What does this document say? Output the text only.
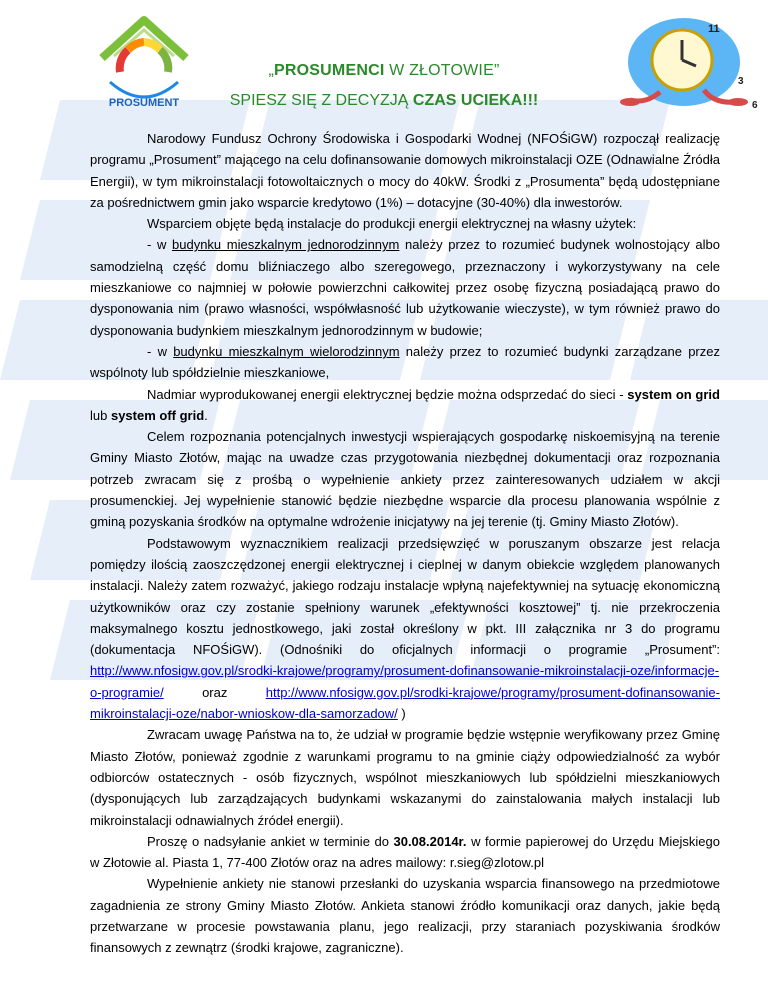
PROSUMENT
„PROSUMENCI W ZŁOTOWIE”
SPIESZ SIĘ Z DECYZJĄ CZAS UCIEKA!!!
11
3
6

Narodowy Fundusz Ochrony Środowiska i Gospodarki Wodnej (NFOŚiGW) rozpoczął realizację programu „Prosument” mającego na celu dofinansowanie domowych mikroinstalacji OZE (Odnawialne Źródła Energii), w tym mikroinstalacji fotowoltaicznych o mocy do 40kW. Środki z „Prosumenta” będą udostępniane za pośrednictwem gmin jako wsparcie kredytowo (1%) – dotacyjne (30-40%) dla inwestorów.

Wsparciem objęte będą instalacje do produkcji energii elektrycznej na własny użytek:

- w budynku mieszkalnym jednorodzinnym należy przez to rozumieć budynek wolnostojący albo samodzielną część domu bliźniaczego albo szeregowego, przeznaczony i wykorzystywany na cele mieszkaniowe co najmniej w połowie powierzchni całkowitej przez osobę fizyczną posiadającą prawo do dysponowania nim (prawo własności, współwłasność lub użytkowanie wieczyste), w tym również prawo do dysponowania budynkiem mieszkalnym jednorodzinnym w budowie;

- w budynku mieszkalnym wielorodzinnym należy przez to rozumieć budynki zarządzane przez wspólnoty lub spółdzielnie mieszkaniowe,

Nadmiar wyprodukowanej energii elektrycznej będzie można odsprzedać do sieci - system on grid lub system off grid.

Celem rozpoznania potencjalnych inwestycji wspierających gospodarkę niskoemisyjną na terenie Gminy Miasto Złotów, mając na uwadze czas przygotowania niezbędnej dokumentacji oraz rozpoznania potrzeb zwracam się z prośbą o wypełnienie ankiety przez zainteresowanych udziałem w akcji prosumenckiej. Jej wypełnienie stanowić będzie niezbędne wsparcie dla procesu planowania wspólnie z gminą pozyskania środków na optymalne wdrożenie inicjatywy na jej terenie (tj. Gminy Miasto Złotów).

Podstawowym wyznacznikiem realizacji przedsięwzięć w poruszanym obszarze jest relacja pomiędzy ilością zaoszczędzonej energii elektrycznej i cieplnej w danym obiekcie względem planowanych instalacji. Należy zatem rozważyć, jakiego rodzaju instalacje wpłyną najefektywniej na sytuację ekonomiczną użytkowników oraz czy zostanie spełniony warunek „efektywności kosztowej” tj. nie przekroczenia maksymalnego kosztu jednostkowego, jaki został określony w pkt. III załącznika nr 3 do programu (dokumentacja NFOŚiGW). (Odnośniki do oficjalnych informacji o programie „Prosument”: http://www.nfosigw.gov.pl/srodki-krajowe/programy/prosument-dofinansowanie-mikroinstalacji-oze/informacje-o-programie/ oraz http://www.nfosigw.gov.pl/srodki-krajowe/programy/prosument-dofinansowanie-mikroinstalacji-oze/nabor-wnioskow-dla-samorzadow/ )

Zwracam uwagę Państwa na to, że udział w programie będzie wstępnie weryfikowany przez Gminę Miasto Złotów, ponieważ zgodnie z warunkami programu to na gminie ciąży odpowiedzialność za wybór odbiorców ostatecznych - osób fizycznych, wspólnot mieszkaniowych lub spółdzielni mieszkaniowych (dysponujących lub zarządzających budynkami wskazanymi do zainstalowania małych instalacji lub mikroinstalacji odnawialnych źródeł energii).

Proszę o nadsyłanie ankiet w terminie do 30.08.2014r. w formie papierowej do Urzędu Miejskiego w Złotowie al. Piasta 1, 77-400 Złotów oraz na adres mailowy: r.sieg@zlotow.pl

Wypełnienie ankiety nie stanowi przesłanki do uzyskania wsparcia finansowego na przedmiotowe zagadnienia ze strony Gminy Miasto Złotów. Ankieta stanowi źródło komunikacji oraz danych, jakie będą przetwarzane w procesie powstawania planu, jego realizacji, przy staraniach pozyskiwania środków finansowych z zewnątrz (środki krajowe, zagraniczne).
